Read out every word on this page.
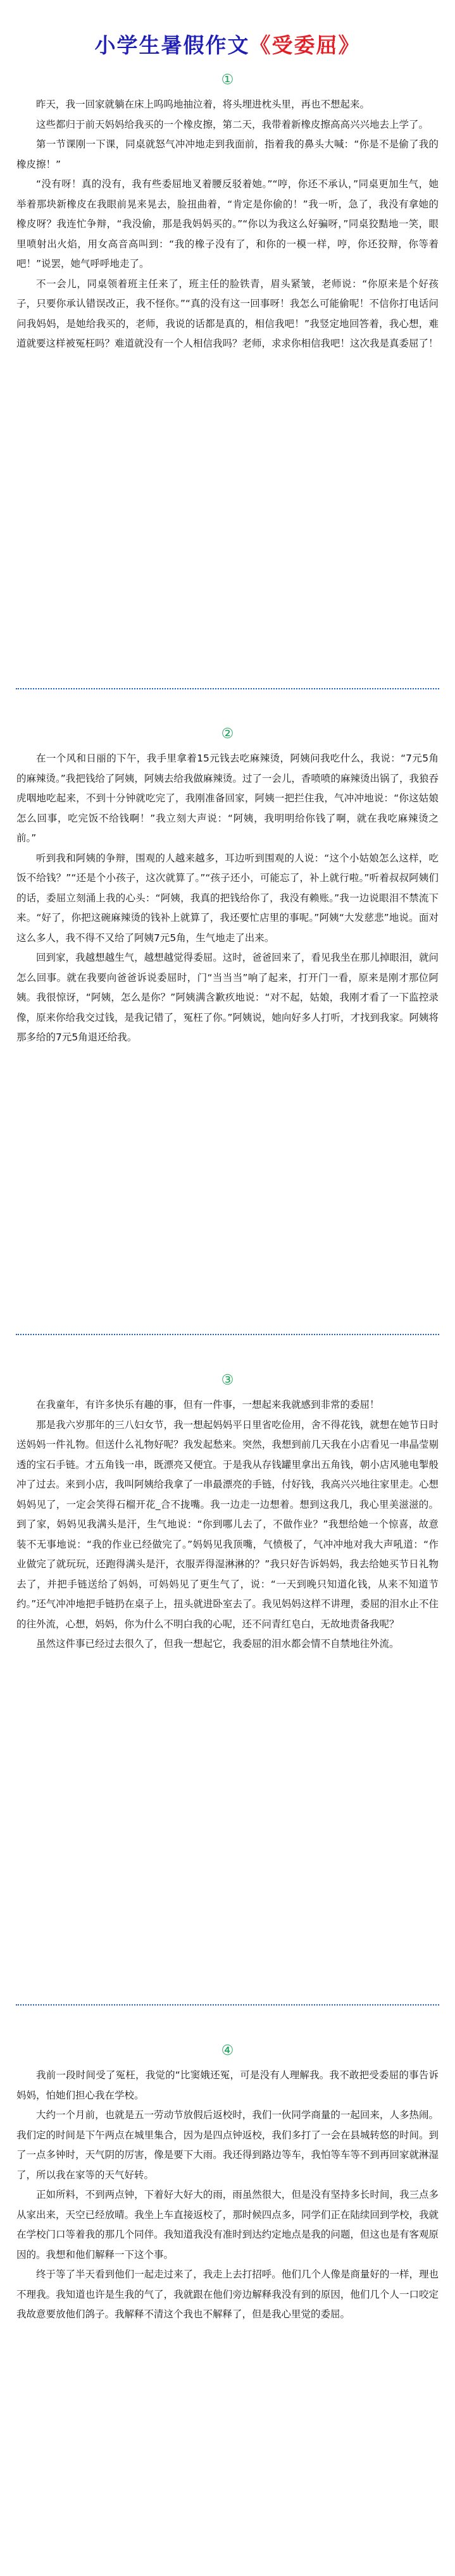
小学生暑假作文《受委屈》
①

昨天，我一回家就躺在床上呜呜地抽泣着，将头埋进枕头里，再也不想起来。

这些都归于前天妈妈给我买的一个橡皮擦，第二天，我带着新橡皮擦高高兴兴地去上学了。

第一节课刚一下课，同桌就怒气冲冲地走到我面前，指着我的鼻头大喊：“你是不是偷了我的橡皮擦！”

“没有呀！真的没有，我有些委屈地叉着腰反驳着她。”“哼，你还不承认，”同桌更加生气，她举着那块新橡皮在我眼前晃来晃去，脸扭曲着，“肯定是你偷的！”我一听，急了，我没有拿她的橡皮呀？我连忙争辩，“我没偷，那是我妈妈买的。”“你以为我这么好骗呀，”同桌狡黠地一笑，眼里喷射出火焰，用女高音高叫到：“我的橡子没有了，和你的一模一样，哼，你还狡辩，你等着吧！”说罢，她气呼呼地走了。

不一会儿，同桌领着班主任来了，班主任的脸铁青，眉头紧皱，老师说：“你原来是个好孩子，只要你承认错误改正，我不怪你。”“真的没有这一回事呀！我怎么可能偷呢！不信你打电话问问我妈妈，是她给我买的，老师，我说的话都是真的，相信我吧！”我竖定地回答着，我心想，难道就要这样被冤枉吗？难道就没有一个人相信我吗？老师，求求你相信我吧！这次我是真委屈了！

②

在一个风和日丽的下午，我手里拿着15元钱去吃麻辣烫，阿姨问我吃什么，我说：“7元5角的麻辣烫。”我把钱给了阿姨，阿姨去给我做麻辣烫。过了一会儿，香喷喷的麻辣烫出锅了，我狼吞虎咽地吃起来，不到十分钟就吃完了，我刚准备回家，阿姨一把拦住我，气冲冲地说：“你这姑娘怎么回事，吃完饭不给钱啊！”我立刻大声说：“阿姨，我明明给你钱了啊，就在我吃麻辣烫之前。”

听到我和阿姨的争辩，围观的人越来越多，耳边听到围观的人说：“这个小姑娘怎么这样，吃饭不给钱？”“还是个小孩子，这次就算了。”“孩子还小，可能忘了，补上就行啦。”听着叔叔阿姨们的话，委屈立刻涌上我的心头：“阿姨，我真的把钱给你了，我没有赖账。”我一边说眼泪不禁流下来。“好了，你把这碗麻辣烫的钱补上就算了，我还要忙店里的事呢。”阿姨“大发慈悲”地说。面对这么多人，我不得不又给了阿姨7元5角，生气地走了出来。

回到家，我越想越生气，越想越觉得委屈。这时，爸爸回来了，看见我坐在那儿掉眼泪，就问怎么回事。就在我要向爸爸诉说委屈时，门“当当当”响了起来，打开门一看，原来是刚才那位阿姨。我很惊讶，“阿姨，怎么是你？”阿姨满含歉疚地说：“对不起，姑娘，我刚才看了一下监控录像，原来你给我交过钱，是我记错了，冤枉了你。”阿姨说，她向好多人打听，才找到我家。阿姨将那多给的7元5角退还给我。

③

在我童年，有许多快乐有趣的事，但有一件事，一想起来我就感到非常的委屈！

那是我六岁那年的三八妇女节，我一想起妈妈平日里省吃俭用，舍不得花钱，就想在她节日时送妈妈一件礼物。但送什么礼物好呢？我发起愁来。突然，我想到前几天我在小店看见一串晶莹剔透的宝石手链。才五角钱一串，既漂亮又便宜。于是我从存钱罐里拿出五角钱，朝小店风驰电掣般冲了过去。来到小店，我叫阿姨给我拿了一串最漂亮的手链，付好钱，我高兴兴地往家里走。心想妈妈见了，一定会笑得石榴开花_合不拢嘴。我一边走一边想着。想到这我几，我心里美滋滋的。到了家，妈妈见我满头是汗，生气地说：“你到哪儿去了，不做作业？”我想给她一个惊喜，故意装不无事地说：“我的作业已经做完了。”妈妈见我顶嘴，气愤极了，气冲冲地对我大声吼道：“作业做完了就玩玩，还跑得满头是汗，衣服弄得湿淋淋的？”我只好告诉妈妈，我去给她买节日礼物去了，并把手链送给了妈妈，可妈妈见了更生气了，说：“一天到晚只知道化钱，从来不知道节约。”还气冲冲地把手链扔在桌子上，扭头就进卧室去了。我见妈妈这样不讲理，委屈的泪水止不住的往外流，心想，妈妈，你为什么不明白我的心呢，还不问青红皂白，无故地责备我呢？

虽然这件事已经过去很久了，但我一想起它，我委屈的泪水都会情不自禁地往外流。

④

我前一段时间受了冤枉，我觉的“比窦娥还冤，可是没有人理解我。我不敢把受委屈的事告诉妈妈，怕她们担心我在学校。

大约一个月前，也就是五一劳动节放假后返校时，我们一伙同学商量的一起回来，人多热闹。我们定的时间是下午两点在城里集合，因为是四点钟返校，我们多打了一会在县城转悠的时间。到了一点多钟时，天气阴的厉害，像是要下大雨。我还得到路边等车，我怕等车等不到再回家就淋湿了，所以我在家等的天气好转。

正如所料，不到两点钟，下着好大好大的雨，雨虽然很大，但是没有坚持多长时间，我三点多从家出来，天空已经放晴。我坐上车直接返校了，那时候四点多，同学们正在陆续回到学校，我就在学校门口等着我的那几个同伴。我知道我没有准时到达约定地点是我的问题，但这也是有客观原因的。我想和他们解释一下这个事。

终于等了半天看到他们一起走过来了，我走上去打招呼。他们几个人像是商量好的一样，理也不理我。我知道也许是生我的气了，我就跟在他们旁边解释我没有到的原因，他们几个人一口咬定我故意要放他们鸽子。我解释不清这个我也不解释了，但是我心里觉的委屈。
